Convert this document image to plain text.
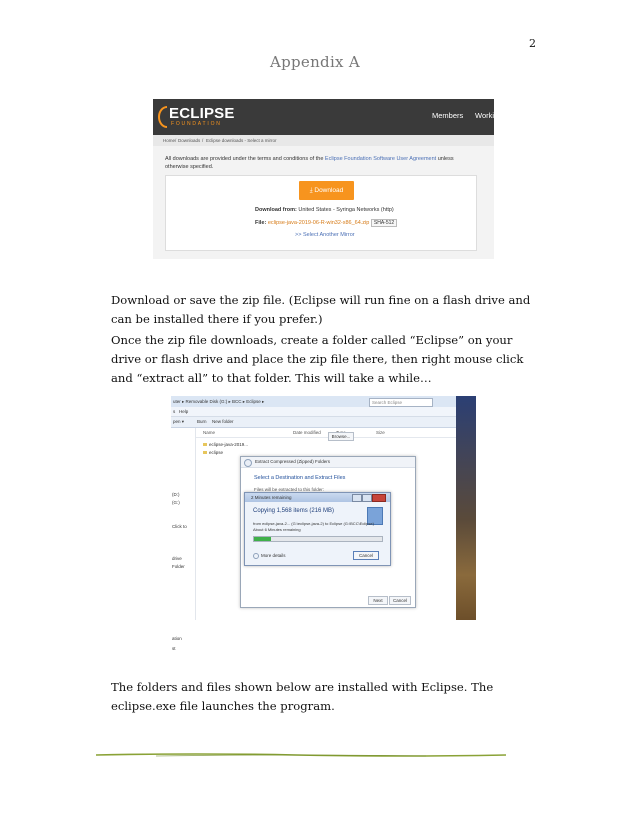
2
Appendix A
ECLIPSE
FOUNDATION
Members Workin
Home / Downloads / Eclipse downloads - Select a mirror
All downloads are provided under the terms and conditions of the Eclipse Foundation Software User Agreement unless otherwise specified.
⤓ Download
Download from: United States - Syringa Networks (http)
File: eclipse-java-2019-06-R-win32-x86_64.zip SHA-512
>> Select Another Mirror
Download or save the zip file. (Eclipse will run fine on a flash drive and can be installed there if you prefer.)
Once the zip file downloads, create a folder called “Eclipse” on your drive or flash drive and place the zip file there, then right mouse click and “extract all” to that folder. This will take a while…
uter ▸ Removable Disk (G:) ▸ BCC ▸ Eclipse ▸	Search Eclipse
s Help
pen ▾	Burn New folder
(D:)
(G:)
Click to
drive
Folder
ation
st
Name	Date modified	Size
eclipse-java-2019...
eclipse
Extract Compressed (Zipped) Folders
Select a Destination and Extract Files
Files will be extracted to this folder:
Next	Cancel
Browse...
2 Minutes remaining
Copying 1,568 items (216 MB)
from eclipse-java-2... (G:\eclipse-java-2) to Eclipse (G:\BCC\Eclipse)
About 6 Minutes remaining
More details	Cancel
The folders and files shown below are installed with Eclipse. The eclipse.exe file launches the program.
